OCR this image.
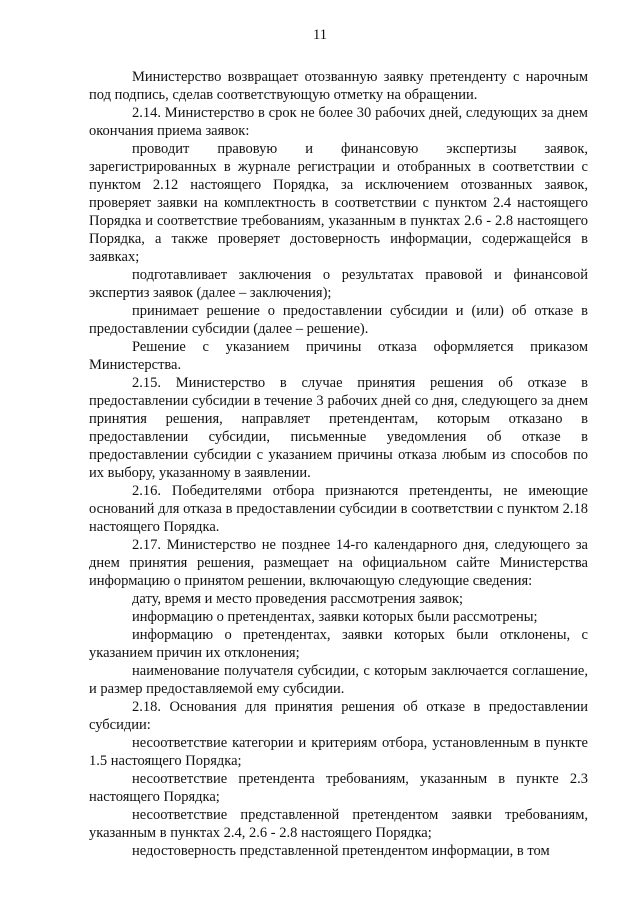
11

Министерство возвращает отозванную заявку претенденту с нарочным под подпись, сделав соответствующую отметку на обращении.

2.14. Министерство в срок не более 30 рабочих дней, следующих за днем окончания приема заявок:

проводит правовую и финансовую экспертизы заявок, зарегистрированных в журнале регистрации и отобранных в соответствии с пунктом 2.12 настоящего Порядка, за исключением отозванных заявок, проверяет заявки на комплектность в соответствии с пунктом 2.4 настоящего Порядка и соответствие требованиям, указанным в пунктах 2.6 - 2.8 настоящего Порядка, а также проверяет достоверность информации, содержащейся в заявках;

подготавливает заключения о результатах правовой и финансовой экспертиз заявок (далее – заключения);

принимает решение о предоставлении субсидии и (или) об отказе в предоставлении субсидии (далее – решение).

Решение с указанием причины отказа оформляется приказом Министерства.

2.15. Министерство в случае принятия решения об отказе в предоставлении субсидии в течение 3 рабочих дней со дня, следующего за днем принятия решения, направляет претендентам, которым отказано в предоставлении субсидии, письменные уведомления об отказе в предоставлении субсидии с указанием причины отказа любым из способов по их выбору, указанному в заявлении.

2.16. Победителями отбора признаются претенденты, не имеющие оснований для отказа в предоставлении субсидии в соответствии с пунктом 2.18 настоящего Порядка.

2.17. Министерство не позднее 14-го календарного дня, следующего за днем принятия решения, размещает на официальном сайте Министерства информацию о принятом решении, включающую следующие сведения:

дату, время и место проведения рассмотрения заявок;

информацию о претендентах, заявки которых были рассмотрены;

информацию о претендентах, заявки которых были отклонены, с указанием причин их отклонения;

наименование получателя субсидии, с которым заключается соглашение, и размер предоставляемой ему субсидии.

2.18. Основания для принятия решения об отказе в предоставлении субсидии:

несоответствие категории и критериям отбора, установленным в пункте 1.5 настоящего Порядка;

несоответствие претендента требованиям, указанным в пункте 2.3 настоящего Порядка;

несоответствие представленной претендентом заявки требованиям, указанным в пунктах 2.4, 2.6 - 2.8 настоящего Порядка;

недостоверность представленной претендентом информации, в том
